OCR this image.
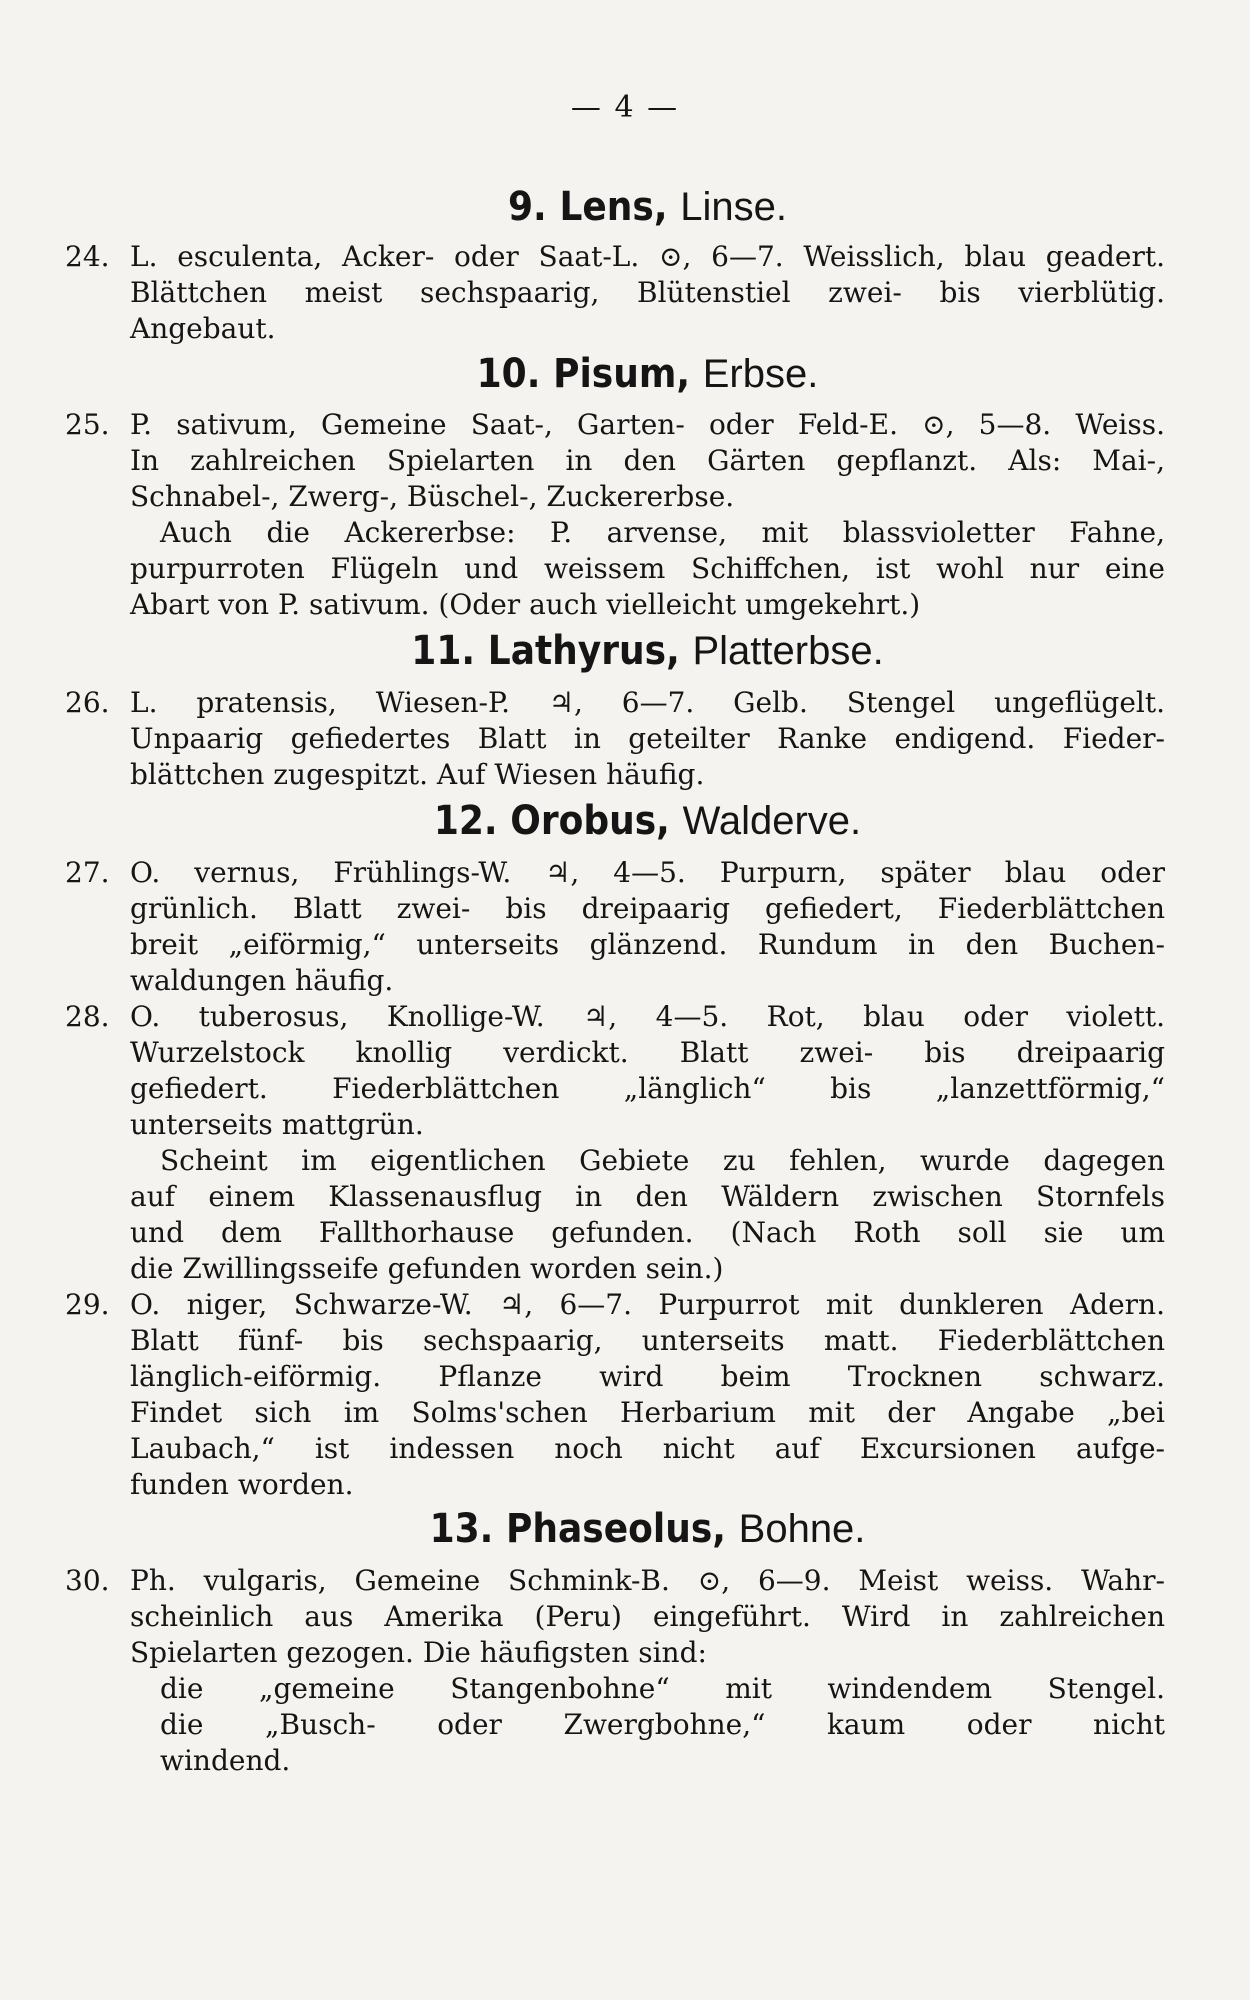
— 4 —
9. Lens, Linse.
24. L. esculenta, Acker- oder Saat-L. ⊙, 6—7. Weisslich, blau geadert.
Blättchen meist sechspaarig, Blütenstiel zwei- bis vierblütig.
Angebaut.
10. Pisum, Erbse.
25. P. sativum, Gemeine Saat-, Garten- oder Feld-E. ⊙, 5—8. Weiss.
In zahlreichen Spielarten in den Gärten gepflanzt. Als: Mai-,
Schnabel-, Zwerg-, Büschel-, Zuckererbse.
Auch die Ackererbse: P. arvense, mit blassvioletter Fahne,
purpurroten Flügeln und weissem Schiffchen, ist wohl nur eine
Abart von P. sativum. (Oder auch vielleicht umgekehrt.)
11. Lathyrus, Platterbse.
26. L. pratensis, Wiesen-P. ♃, 6—7. Gelb. Stengel ungeflügelt.
Unpaarig gefiedertes Blatt in geteilter Ranke endigend. Fieder-
blättchen zugespitzt. Auf Wiesen häufig.
12. Orobus, Walderve.
27. O. vernus, Frühlings-W. ♃, 4—5. Purpurn, später blau oder
grünlich. Blatt zwei- bis dreipaarig gefiedert, Fiederblättchen
breit „eiförmig,“ unterseits glänzend. Rundum in den Buchen-
waldungen häufig.
28. O. tuberosus, Knollige-W. ♃, 4—5. Rot, blau oder violett.
Wurzelstock knollig verdickt. Blatt zwei- bis dreipaarig
gefiedert. Fiederblättchen „länglich“ bis „lanzettförmig,“
unterseits mattgrün.
Scheint im eigentlichen Gebiete zu fehlen, wurde dagegen
auf einem Klassenausflug in den Wäldern zwischen Stornfels
und dem Fallthorhause gefunden. (Nach Roth soll sie um
die Zwillingsseife gefunden worden sein.)
29. O. niger, Schwarze-W. ♃, 6—7. Purpurrot mit dunkleren Adern.
Blatt fünf- bis sechspaarig, unterseits matt. Fiederblättchen
länglich-eiförmig. Pflanze wird beim Trocknen schwarz.
Findet sich im Solms'schen Herbarium mit der Angabe „bei
Laubach,“ ist indessen noch nicht auf Excursionen aufge-
funden worden.
13. Phaseolus, Bohne.
30. Ph. vulgaris, Gemeine Schmink-B. ⊙, 6—9. Meist weiss. Wahr-
scheinlich aus Amerika (Peru) eingeführt. Wird in zahlreichen
Spielarten gezogen. Die häufigsten sind:
die „gemeine Stangenbohne“ mit windendem Stengel.
die „Busch- oder Zwergbohne,“ kaum oder nicht
windend.
